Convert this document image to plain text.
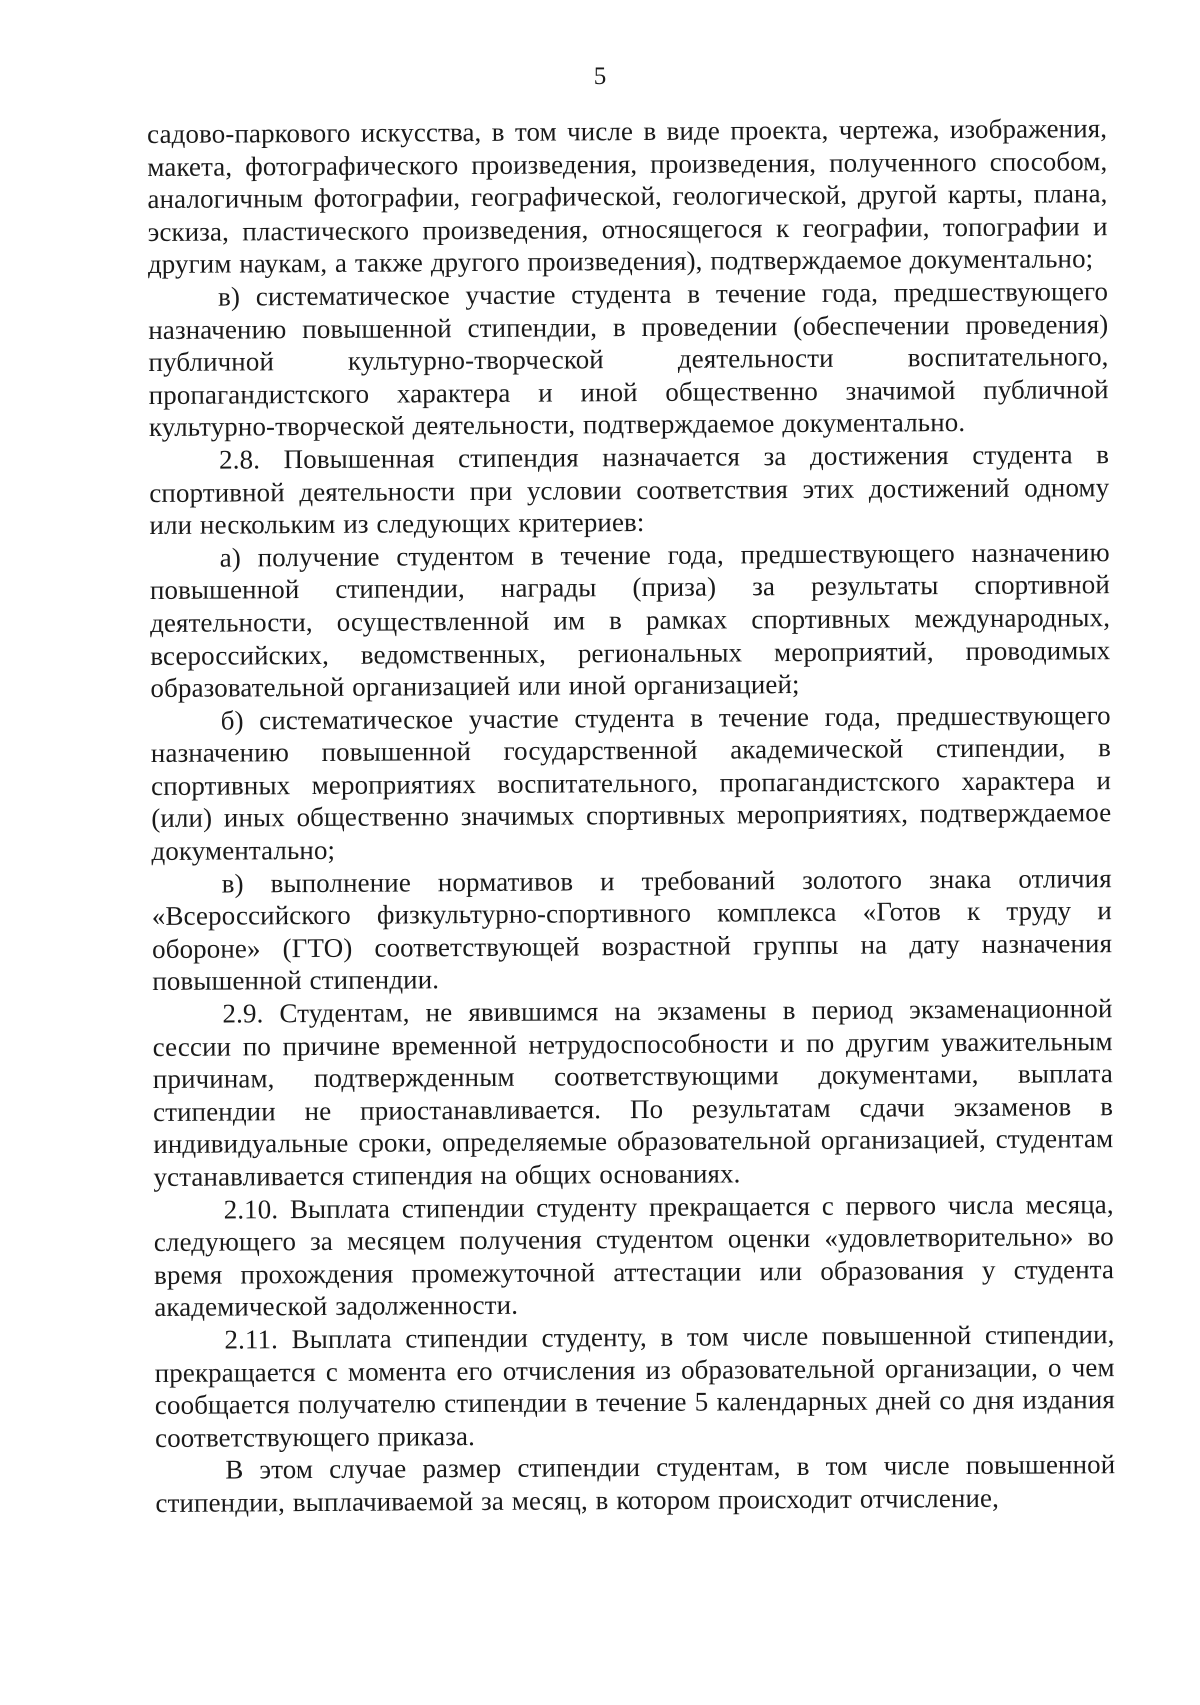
5

садово-паркового искусства, в том числе в виде проекта, чертежа, изображения, макета, фотографического произведения, произведения, полученного способом, аналогичным фотографии, географической, геологической, другой карты, плана, эскиза, пластического произведения, относящегося к географии, топографии и другим наукам, а также другого произведения), подтверждаемое документально;

в) систематическое участие студента в течение года, предшествующего назначению повышенной стипендии, в проведении (обеспечении проведения) публичной культурно-творческой деятельности воспитательного, пропагандистского характера и иной общественно значимой публичной культурно-творческой деятельности, подтверждаемое документально.

2.8. Повышенная стипендия назначается за достижения студента в спортивной деятельности при условии соответствия этих достижений одному или нескольким из следующих критериев:

а) получение студентом в течение года, предшествующего назначению повышенной стипендии, награды (приза) за результаты спортивной деятельности, осуществленной им в рамках спортивных международных, всероссийских, ведомственных, региональных мероприятий, проводимых образовательной организацией или иной организацией;

б) систематическое участие студента в течение года, предшествующего назначению повышенной государственной академической стипендии, в спортивных мероприятиях воспитательного, пропагандистского характера и (или) иных общественно значимых спортивных мероприятиях, подтверждаемое документально;

в) выполнение нормативов и требований золотого знака отличия «Всероссийского физкультурно-спортивного комплекса «Готов к труду и обороне» (ГТО) соответствующей возрастной группы на дату назначения повышенной стипендии.

2.9. Студентам, не явившимся на экзамены в период экзаменационной сессии по причине временной нетрудоспособности и по другим уважительным причинам, подтвержденным соответствующими документами, выплата стипендии не приостанавливается. По результатам сдачи экзаменов в индивидуальные сроки, определяемые образовательной организацией, студентам устанавливается стипендия на общих основаниях.

2.10. Выплата стипендии студенту прекращается с первого числа месяца, следующего за месяцем получения студентом оценки «удовлетворительно» во время прохождения промежуточной аттестации или образования у студента академической задолженности.

2.11. Выплата стипендии студенту, в том числе повышенной стипендии, прекращается с момента его отчисления из образовательной организации, о чем сообщается получателю стипендии в течение 5 календарных дней со дня издания соответствующего приказа.

В этом случае размер стипендии студентам, в том числе повышенной стипендии, выплачиваемой за месяц, в котором происходит отчисление,
